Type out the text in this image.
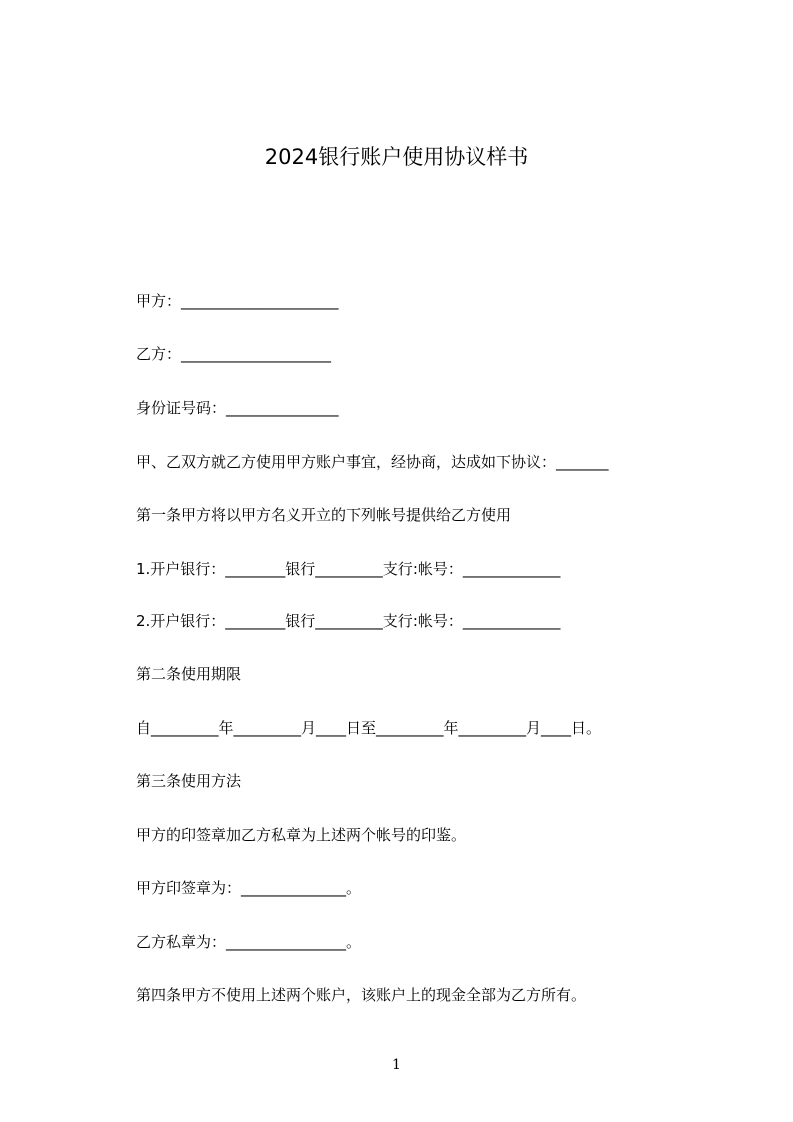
2024银行账户使用协议样书
甲方：_____________________
乙方：____________________
身份证号码：_______________
甲、乙双方就乙方使用甲方账户事宜，经协商，达成如下协议：_______
第一条甲方将以甲方名义开立的下列帐号提供给乙方使用
1.开户银行：________银行_________支行:帐号：_____________
2.开户银行：________银行_________支行:帐号：_____________
第二条使用期限
自_________年_________月____日至_________年_________月____日。
第三条使用方法
甲方的印签章加乙方私章为上述两个帐号的印鉴。
甲方印签章为：______________。
乙方私章为：________________。
第四条甲方不使用上述两个账户，该账户上的现金全部为乙方所有。
1
